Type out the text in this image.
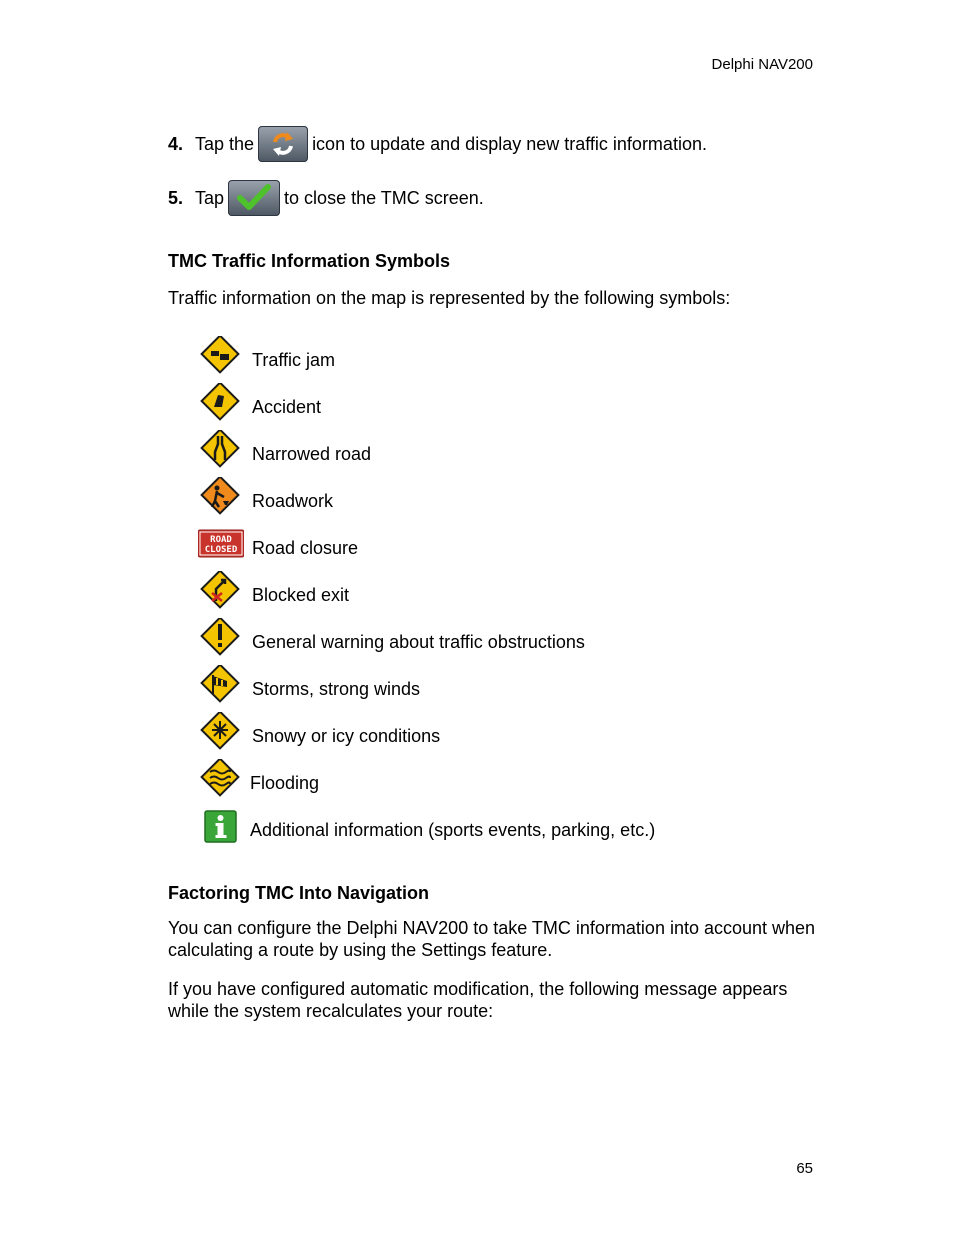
Delphi NAV200
4. Tap the	icon to update and display new traffic information.
5. Tap	to close the TMC screen.
TMC Traffic Information Symbols
Traffic information on the map is represented by the following symbols:
Traffic jam
Accident
Narrowed road
Roadwork
ROAD
CLOSED Road closure
Blocked exit
General warning about traffic obstructions
Storms, strong winds
Snowy or icy conditions
Flooding
Additional information (sports events, parking, etc.)
Factoring TMC Into Navigation
You can configure the Delphi NAV200 to take TMC information into account when calculating a route by using the Settings feature.
If you have configured automatic modification, the following message appears while the system recalculates your route:
65
